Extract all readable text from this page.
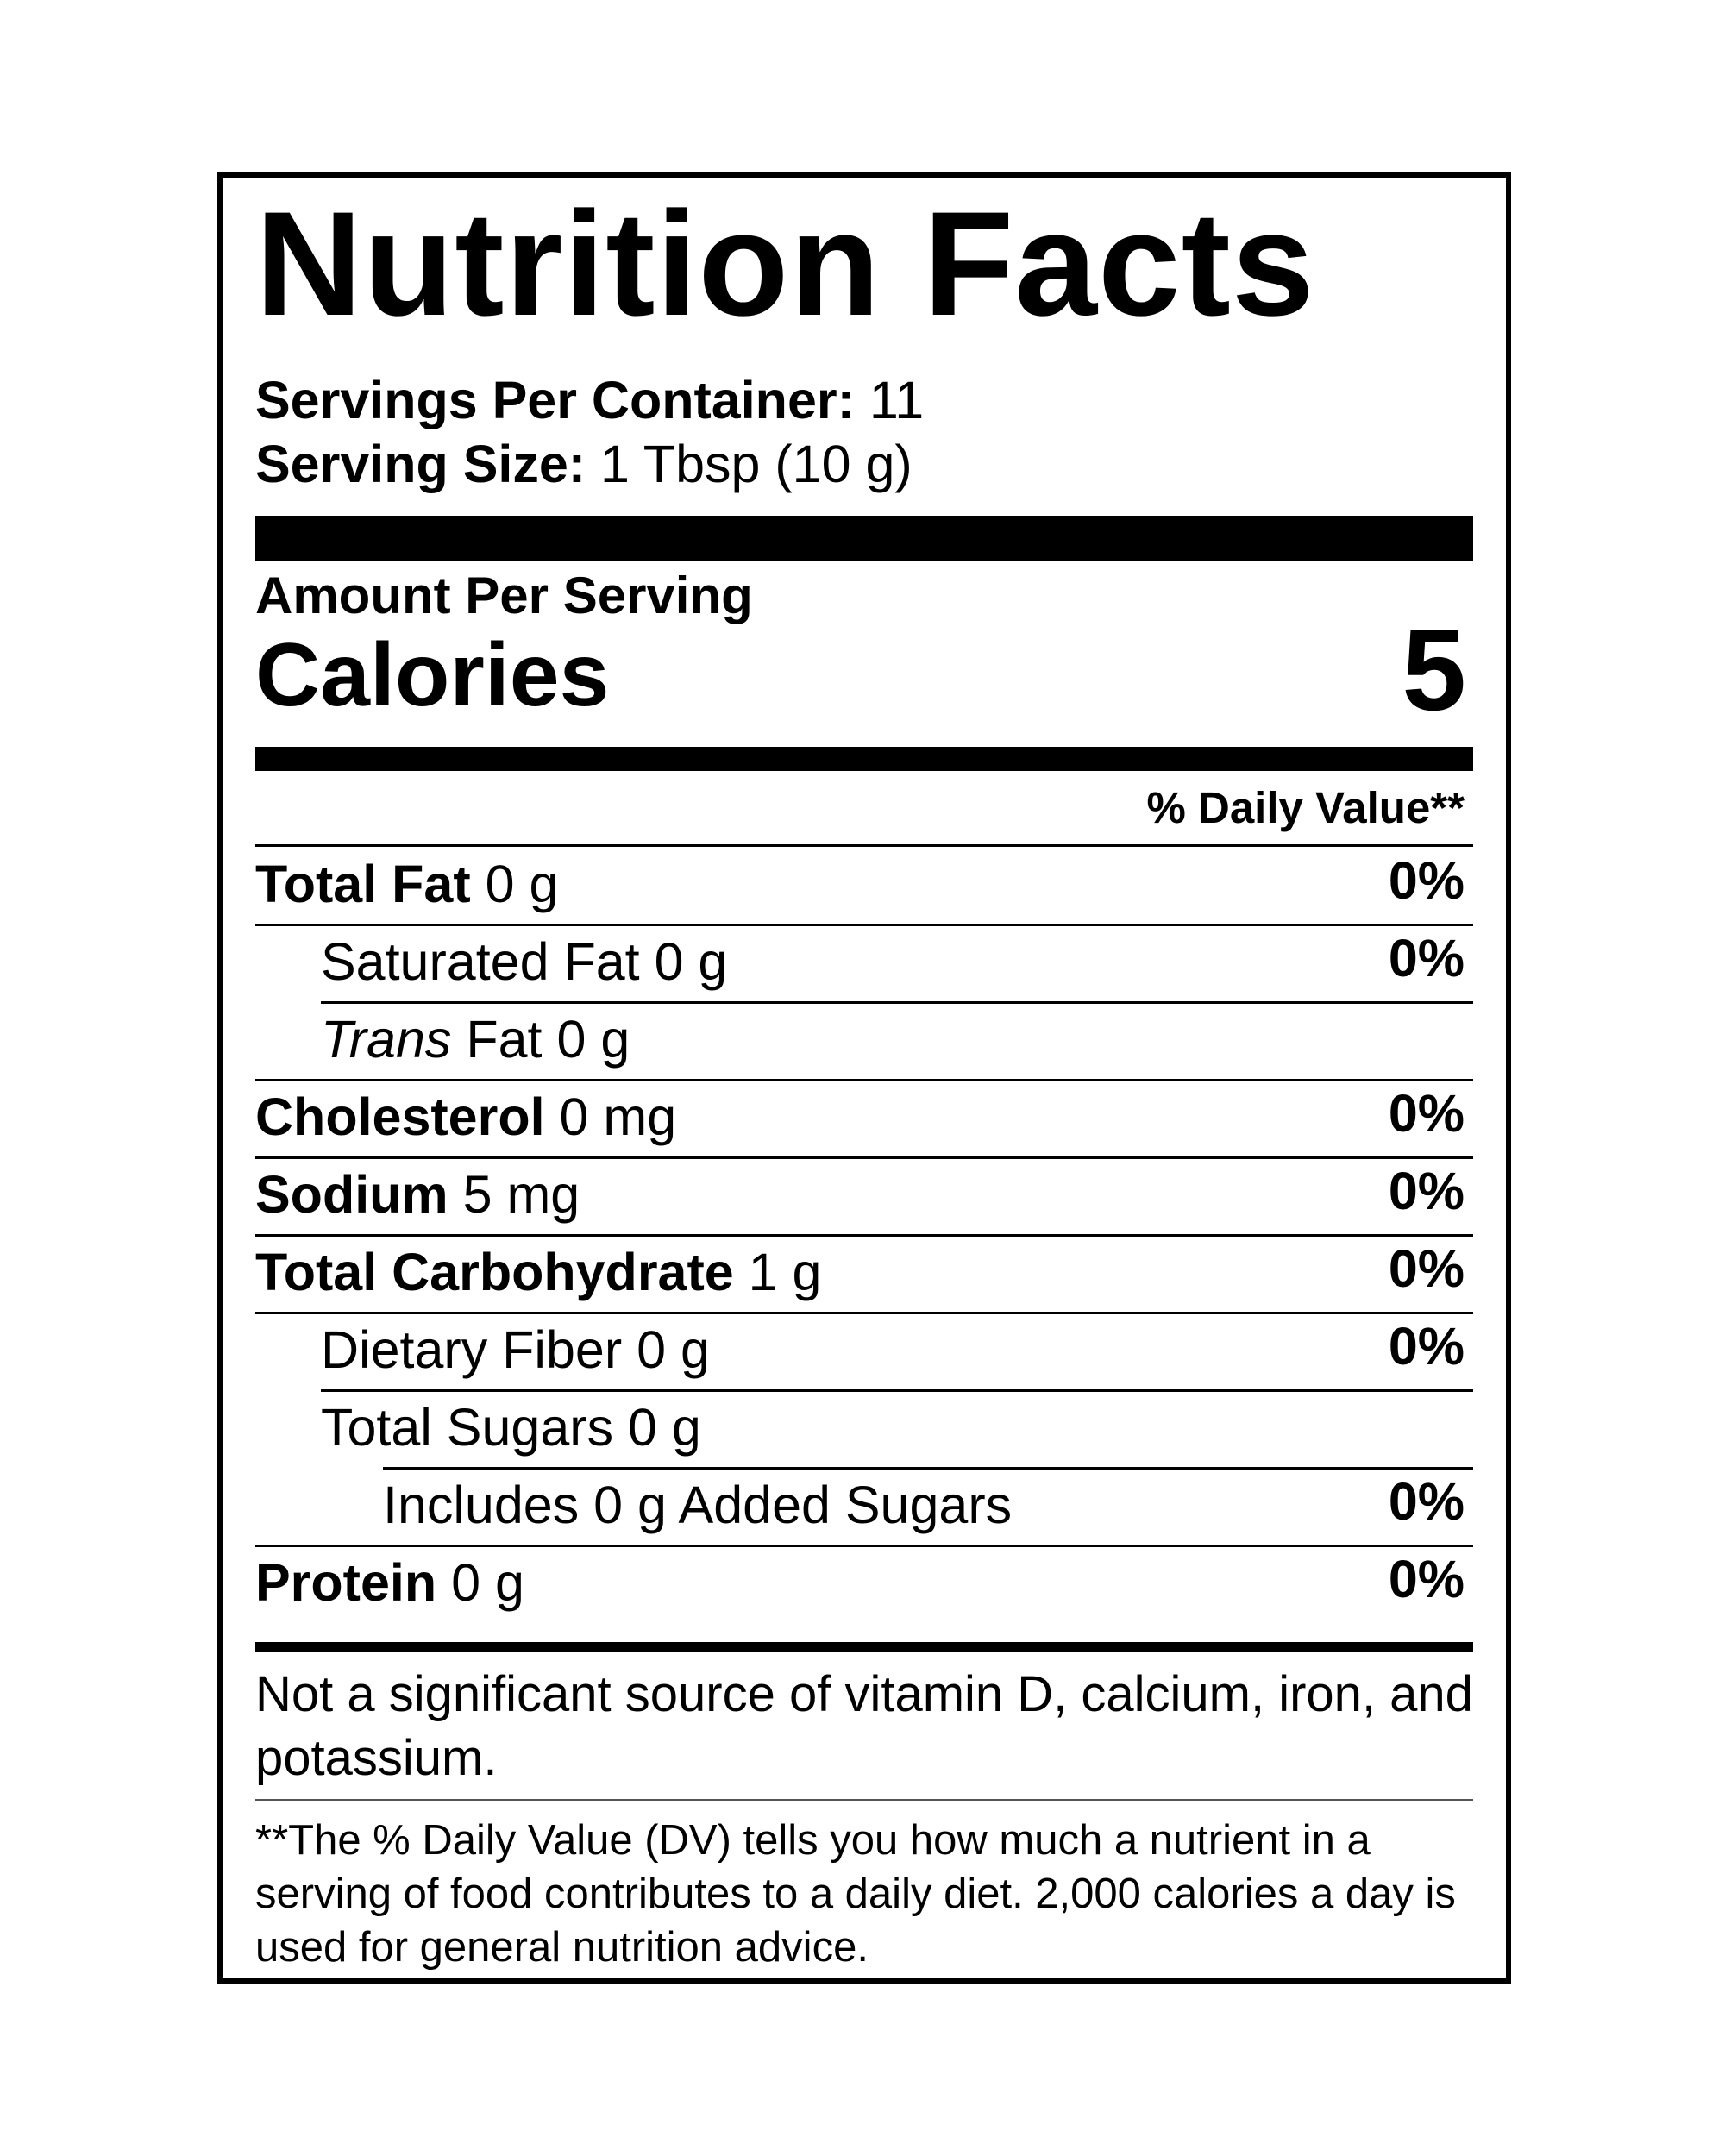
Nutrition Facts
Servings Per Container: 11
Serving Size: 1 Tbsp (10 g)
Amount Per Serving
Calories	5
% Daily Value**
Total Fat 0 g	0%
Saturated Fat 0 g	0%
Trans Fat 0 g
Cholesterol 0 mg	0%
Sodium 5 mg	0%
Total Carbohydrate 1 g	0%
Dietary Fiber 0 g	0%
Total Sugars 0 g
Includes 0 g Added Sugars	0%
Protein 0 g	0%
Not a significant source of vitamin D, calcium, iron, and potassium.
**The % Daily Value (DV) tells you how much a nutrient in a serving of food contributes to a daily diet. 2,000 calories a day is used for general nutrition advice.
